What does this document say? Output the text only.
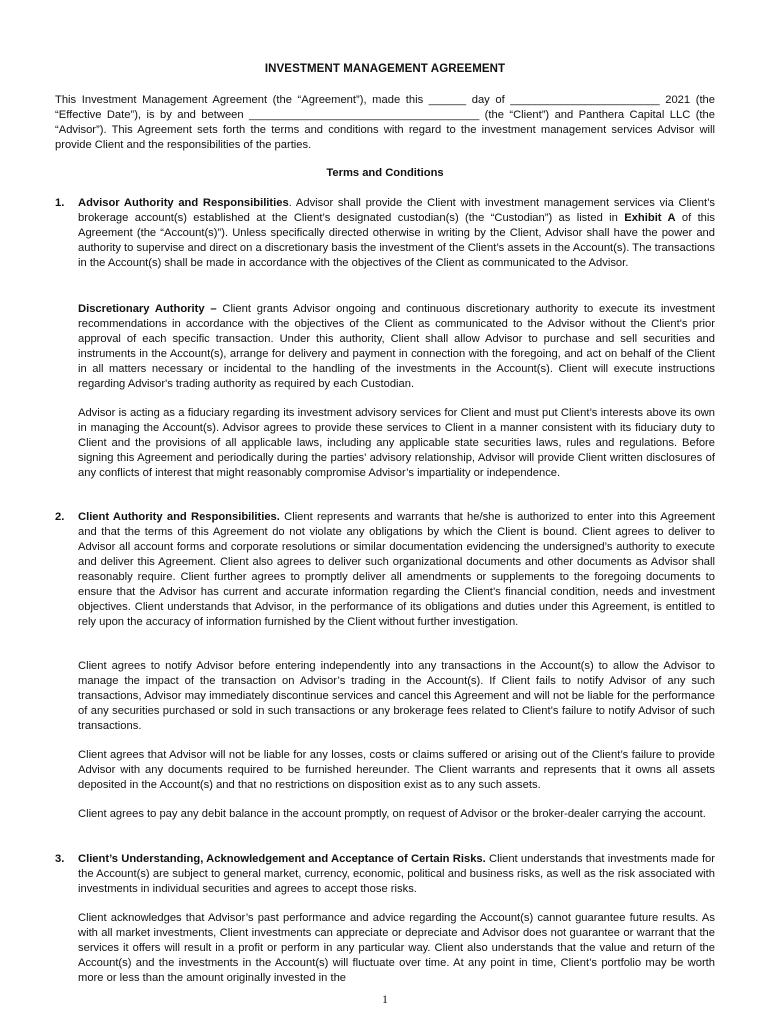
INVESTMENT MANAGEMENT AGREEMENT
This Investment Management Agreement (the “Agreement”), made this ______ day of ________________________ 2021 (the “Effective Date”), is by and between _____________________________________ (the “Client”) and Panthera Capital LLC (the “Advisor”). This Agreement sets forth the terms and conditions with regard to the investment management services Advisor will provide Client and the responsibilities of the parties.
Terms and Conditions
1. Advisor Authority and Responsibilities. Advisor shall provide the Client with investment management services via Client’s brokerage account(s) established at the Client’s designated custodian(s) (the “Custodian”) as listed in Exhibit A of this Agreement (the “Account(s)”). Unless specifically directed otherwise in writing by the Client, Advisor shall have the power and authority to supervise and direct on a discretionary basis the investment of the Client’s assets in the Account(s). The transactions in the Account(s) shall be made in accordance with the objectives of the Client as communicated to the Advisor.
Discretionary Authority – Client grants Advisor ongoing and continuous discretionary authority to execute its investment recommendations in accordance with the objectives of the Client as communicated to the Advisor without the Client's prior approval of each specific transaction. Under this authority, Client shall allow Advisor to purchase and sell securities and instruments in the Account(s), arrange for delivery and payment in connection with the foregoing, and act on behalf of the Client in all matters necessary or incidental to the handling of the investments in the Account(s). Client will execute instructions regarding Advisor's trading authority as required by each Custodian.
Advisor is acting as a fiduciary regarding its investment advisory services for Client and must put Client’s interests above its own in managing the Account(s). Advisor agrees to provide these services to Client in a manner consistent with its fiduciary duty to Client and the provisions of all applicable laws, including any applicable state securities laws, rules and regulations. Before signing this Agreement and periodically during the parties’ advisory relationship, Advisor will provide Client written disclosures of any conflicts of interest that might reasonably compromise Advisor’s impartiality or independence.
2. Client Authority and Responsibilities. Client represents and warrants that he/she is authorized to enter into this Agreement and that the terms of this Agreement do not violate any obligations by which the Client is bound. Client agrees to deliver to Advisor all account forms and corporate resolutions or similar documentation evidencing the undersigned’s authority to execute and deliver this Agreement. Client also agrees to deliver such organizational documents and other documents as Advisor shall reasonably require. Client further agrees to promptly deliver all amendments or supplements to the foregoing documents to ensure that the Advisor has current and accurate information regarding the Client’s financial condition, needs and investment objectives. Client understands that Advisor, in the performance of its obligations and duties under this Agreement, is entitled to rely upon the accuracy of information furnished by the Client without further investigation.
Client agrees to notify Advisor before entering independently into any transactions in the Account(s) to allow the Advisor to manage the impact of the transaction on Advisor’s trading in the Account(s). If Client fails to notify Advisor of any such transactions, Advisor may immediately discontinue services and cancel this Agreement and will not be liable for the performance of any securities purchased or sold in such transactions or any brokerage fees related to Client’s failure to notify Advisor of such transactions.
Client agrees that Advisor will not be liable for any losses, costs or claims suffered or arising out of the Client’s failure to provide Advisor with any documents required to be furnished hereunder. The Client warrants and represents that it owns all assets deposited in the Account(s) and that no restrictions on disposition exist as to any such assets.
Client agrees to pay any debit balance in the account promptly, on request of Advisor or the broker-dealer carrying the account.
3. Client’s Understanding, Acknowledgement and Acceptance of Certain Risks. Client understands that investments made for the Account(s) are subject to general market, currency, economic, political and business risks, as well as the risk associated with investments in individual securities and agrees to accept those risks.
Client acknowledges that Advisor’s past performance and advice regarding the Account(s) cannot guarantee future results. As with all market investments, Client investments can appreciate or depreciate and Advisor does not guarantee or warrant that the services it offers will result in a profit or perform in any particular way. Client also understands that the value and return of the Account(s) and the investments in the Account(s) will fluctuate over time. At any point in time, Client’s portfolio may be worth more or less than the amount originally invested in the
1
